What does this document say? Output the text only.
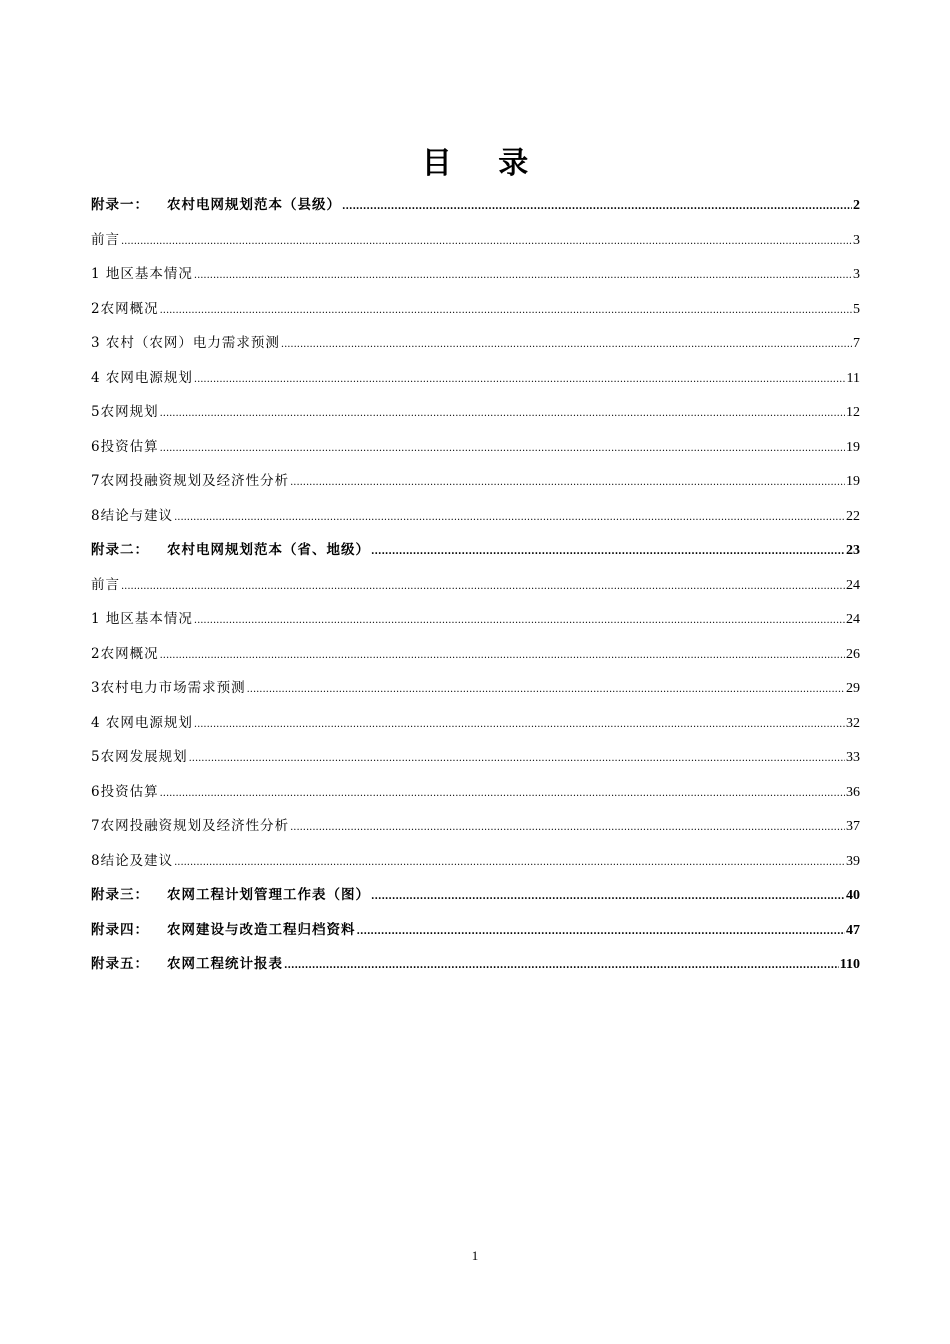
目 录
附录一： 农村电网规划范本（县级） .....	2
前言 .....	3
1 地区基本情况 .....	3
2农网概况 .....	5
3 农村（农网）电力需求预测 .....	7
4 农网电源规划 .....	11
5农网规划 .....	12
6投资估算 .....	19
7农网投融资规划及经济性分析 .....	19
8结论与建议 .....	22
附录二： 农村电网规划范本（省、地级） .....	23
前言 .....	24
1 地区基本情况 .....	24
2农网概况 .....	26
3农村电力市场需求预测 .....	29
4 农网电源规划 .....	32
5农网发展规划 .....	33
6投资估算 .....	36
7农网投融资规划及经济性分析 .....	37
8结论及建议 .....	39
附录三： 农网工程计划管理工作表（图） .....	40
附录四： 农网建设与改造工程归档资料 .....	47
附录五： 农网工程统计报表 .....	110
1
